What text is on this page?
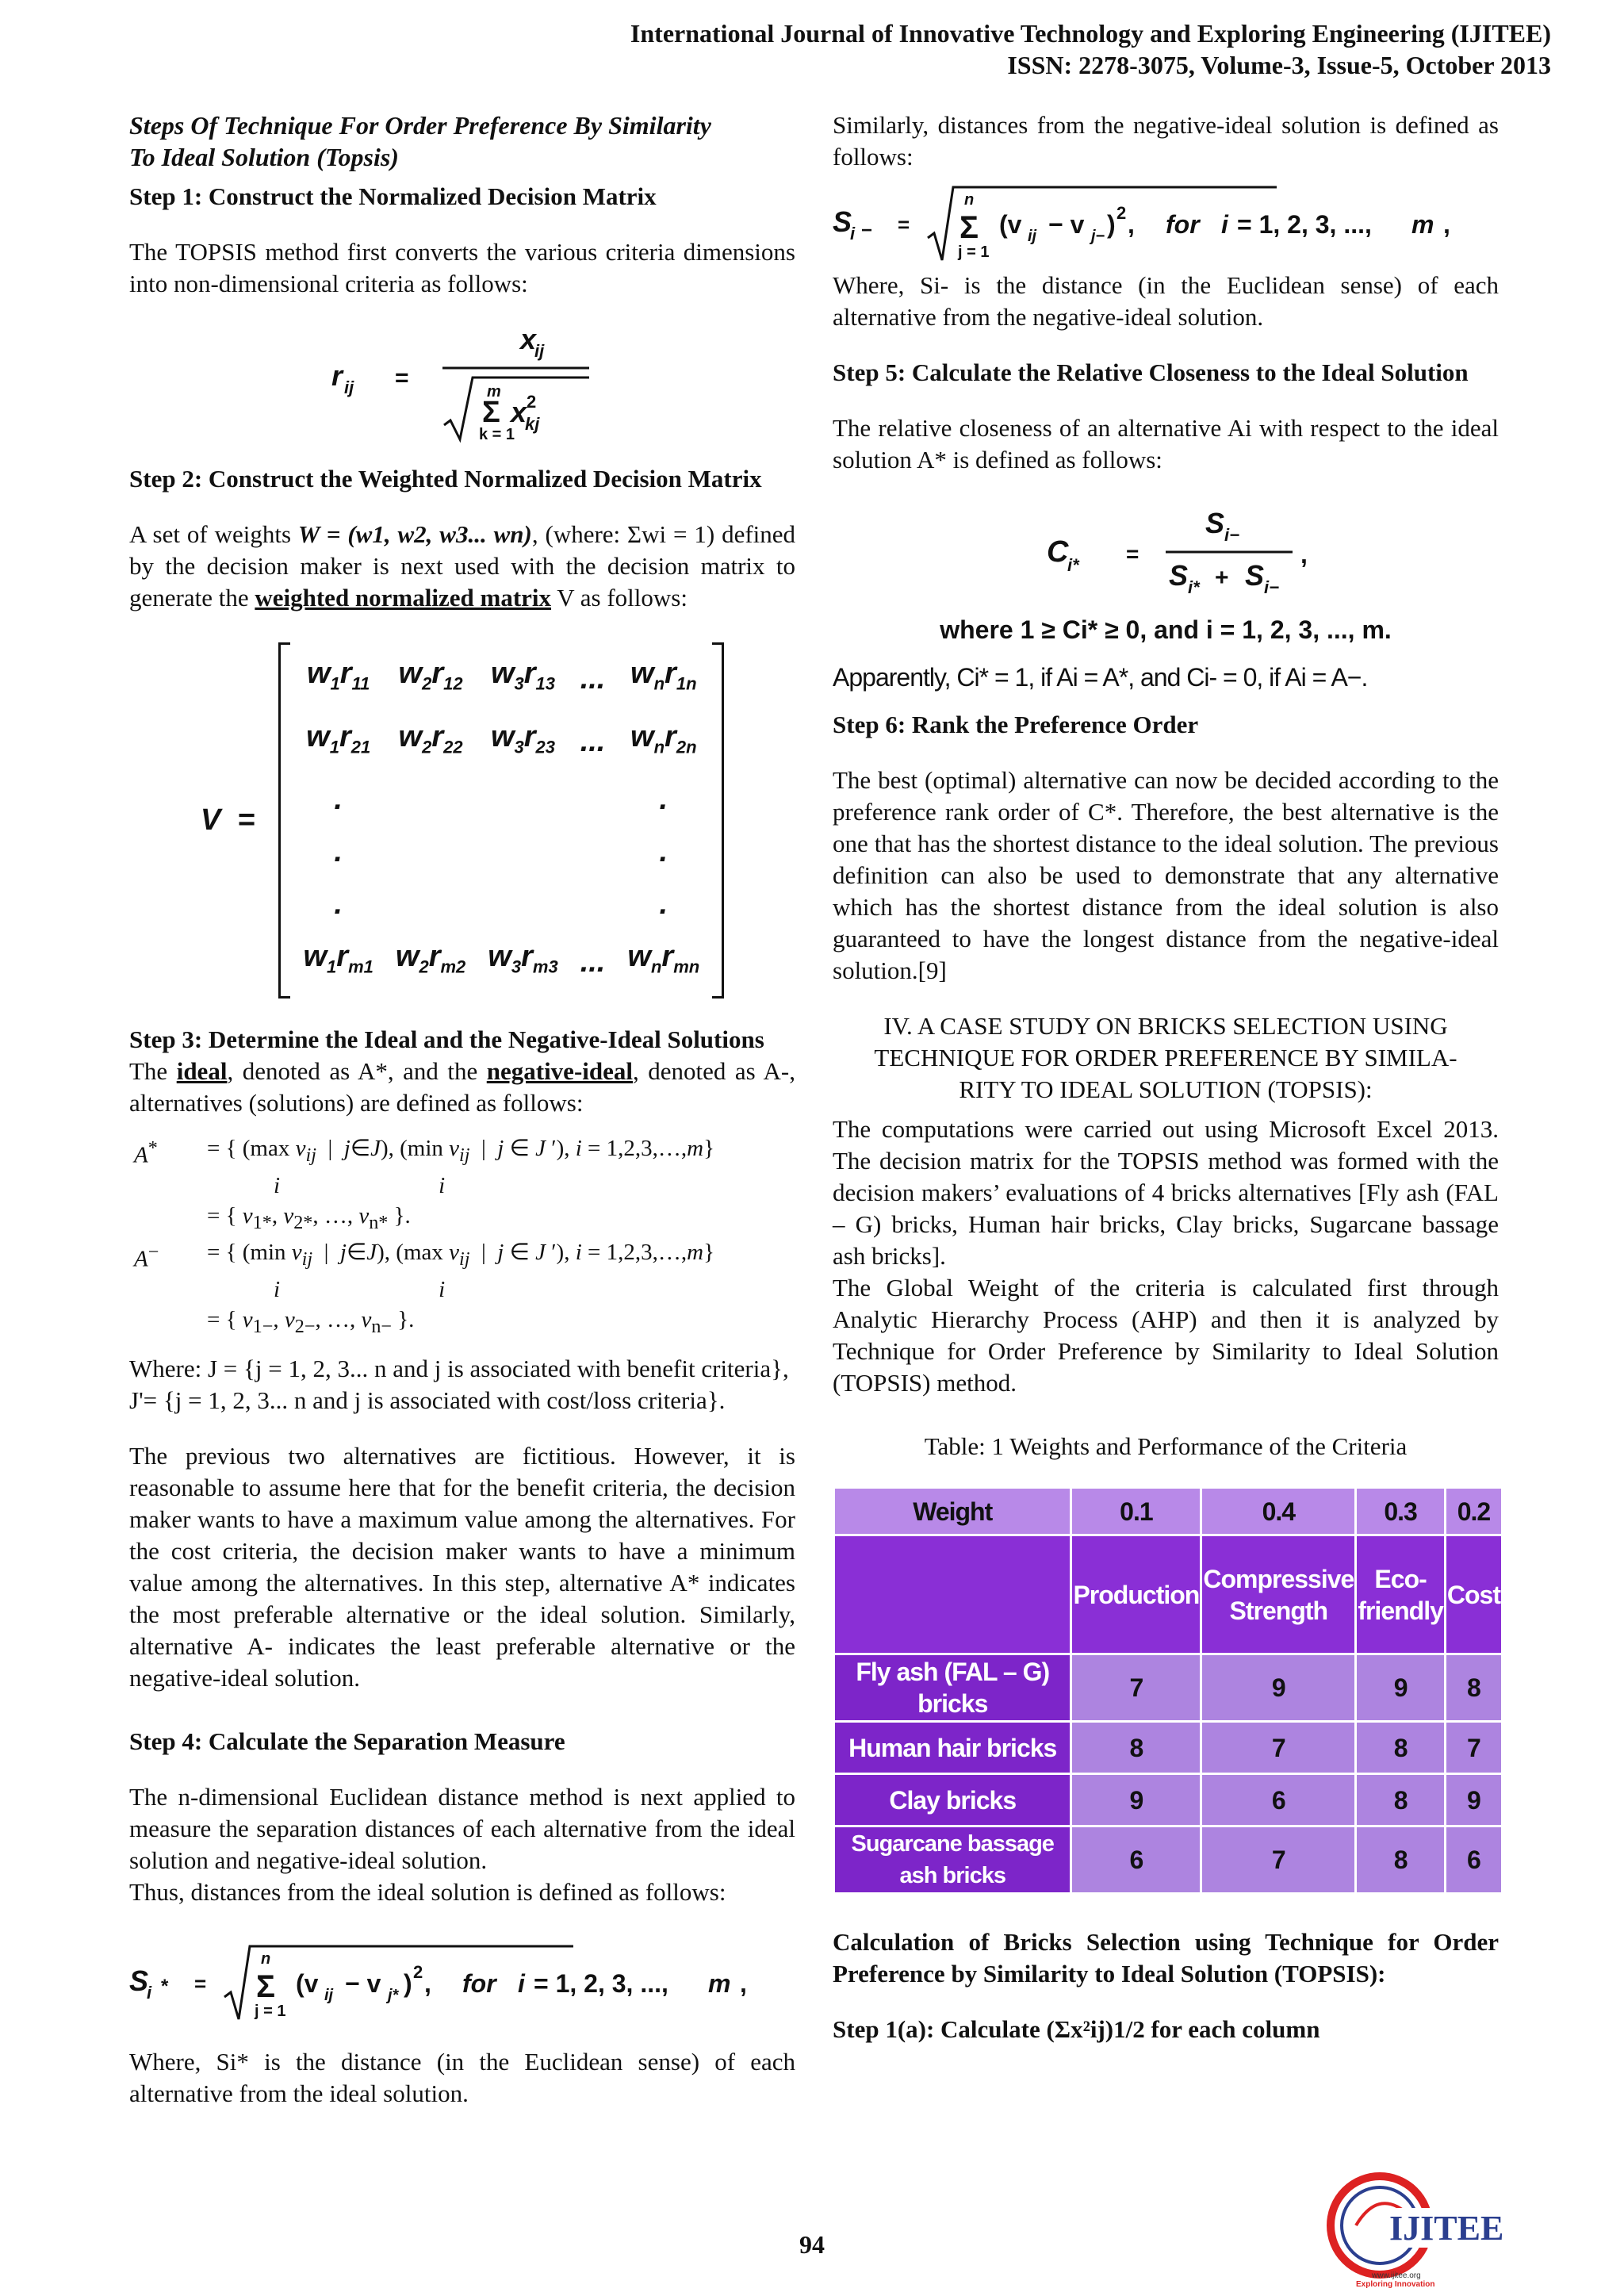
International Journal of Innovative Technology and Exploring Engineering (IJITEE)
ISSN: 2278-3075, Volume-3, Issue-5, October 2013

Steps Of Technique For Order Preference By Similarity

To Ideal Solution (Topsis)

Step 1: Construct the Normalized Decision Matrix

The TOPSIS method first converts the various criteria dimensions into non-dimensional criteria as follows:

r ij =
x
ij
m
Σ
k = 1
x 2
kj

Step 2: Construct the Weighted Normalized Decision Matrix

A set of weights W = (w1, w2, w3... wn), (where: Σwi = 1) defined by the decision maker is next used with the decision matrix to generate the weighted normalized matrix V as follows:

V  =
$w_1r_{11}$	$w_2r_{12}$	$w_3r_{13}$	...	$w_nr_{1n}$
$w_1r_{21}$	$w_2r_{22}$	$w_3r_{23}$	...	$w_nr_{2n}$
.				.
.				.
.				.
$w_1r_{m1}$	$w_2r_{m2}$	$w_3r_{m3}$	...	$w_nr_{mn}$

Step 3: Determine the Ideal and the Negative-Ideal Solutions

The ideal, denoted as A*, and the negative-ideal, denoted as A-, alternatives (solutions) are defined as follows:

A*	= { (max $v_{ij}$  |  j∈J), (min $v_{ij}$  |  j ∈ J ′), i = 1,2,3,…,m}
	i i
	= { $v_{1*}$, $v_{2*}$, …, $v_{n*}$ }.
A−	= { (min $v_{ij}$  |  j∈J), (max $v_{ij}$  |  j ∈ J ′), i = 1,2,3,…,m}
	i i
	= { $v_{1-}$, $v_{2-}$, …, $v_{n-}$ }.

Where: J = {j = 1, 2, 3... n and j is associated with benefit criteria},

J'= {j = 1, 2, 3... n and j is associated with cost/loss criteria}.

The previous two alternatives are fictitious. However, it is reasonable to assume here that for the benefit criteria, the decision maker wants to have a maximum value among the alternatives. For the cost criteria, the decision maker wants to have a minimum value among the alternatives. In this step, alternative A* indicates the most preferable alternative or the ideal solution. Similarly, alternative A- indicates the least preferable alternative or the negative-ideal solution.

Step 4: Calculate the Separation Measure

The n-dimensional Euclidean distance method is next applied to measure the separation distances of each alternative from the ideal solution and negative-ideal solution.

Thus, distances from the ideal solution is defined as follows:

S
i * =
n
Σ
j = 1
(v ij − v j* ) 2 , for i = 1, 2, 3, ..., m ,

Where, Si* is the distance (in the Euclidean sense) of each alternative from the ideal solution.

Similarly, distances from the negative-ideal solution is defined as follows:

S
i − =
n
Σ
j = 1
(v ij − v j− ) 2 , for i = 1, 2, 3, ..., m ,

Where, Si- is the distance (in the Euclidean sense) of each alternative from the negative-ideal solution.

Step 5: Calculate the Relative Closeness to the Ideal Solution

The relative closeness of an alternative Ai with respect to the ideal solution A* is defined as follows:

C
i* =
S i−
S i* + S i−
,

where 1 ≥ Ci* ≥ 0, and i = 1, 2, 3, ..., m.

Apparently, Ci* = 1, if Ai = A*, and Ci- = 0, if Ai = A−.

Step 6: Rank the Preference Order

The best (optimal) alternative can now be decided according to the preference rank order of C*. Therefore, the best alternative is the one that has the shortest distance to the ideal solution. The previous definition can also be used to demonstrate that any alternative which has the shortest distance from the ideal solution is also guaranteed to have the longest distance from the negative-ideal solution.[9]

IV. A CASE STUDY ON BRICKS SELECTION USING TECHNIQUE FOR ORDER PREFERENCE BY SIMILA-RITY TO IDEAL SOLUTION (TOPSIS):

The computations were carried out using Microsoft Excel 2013. The decision matrix for the TOPSIS method was formed with the decision makers’ evaluations of 4 bricks alternatives [Fly ash (FAL – G) bricks, Human hair bricks, Clay bricks, Sugarcane bassage ash bricks].

The Global Weight of the criteria is calculated first through Analytic Hierarchy Process (AHP) and then it is analyzed by Technique for Order Preference by Similarity to Ideal Solution (TOPSIS) method.

Table: 1 Weights and Performance of the Criteria

Weight	0.1	0.4	0.3	0.2
	Production	Compressive Strength	Eco-friendly	Cost
Fly ash (FAL – G) bricks	7	9	9	8
Human hair bricks	8	7	8	7
Clay bricks	9	6	8	9
Sugarcane bassage ash bricks	6	7	8	6

Calculation of Bricks Selection using Technique for Order Preference by Similarity to Ideal Solution (TOPSIS):

Step 1(a): Calculate (Σx²ij)1/2 for each column

94	IJITEE
www.ijitee.org
Exploring Innovation
